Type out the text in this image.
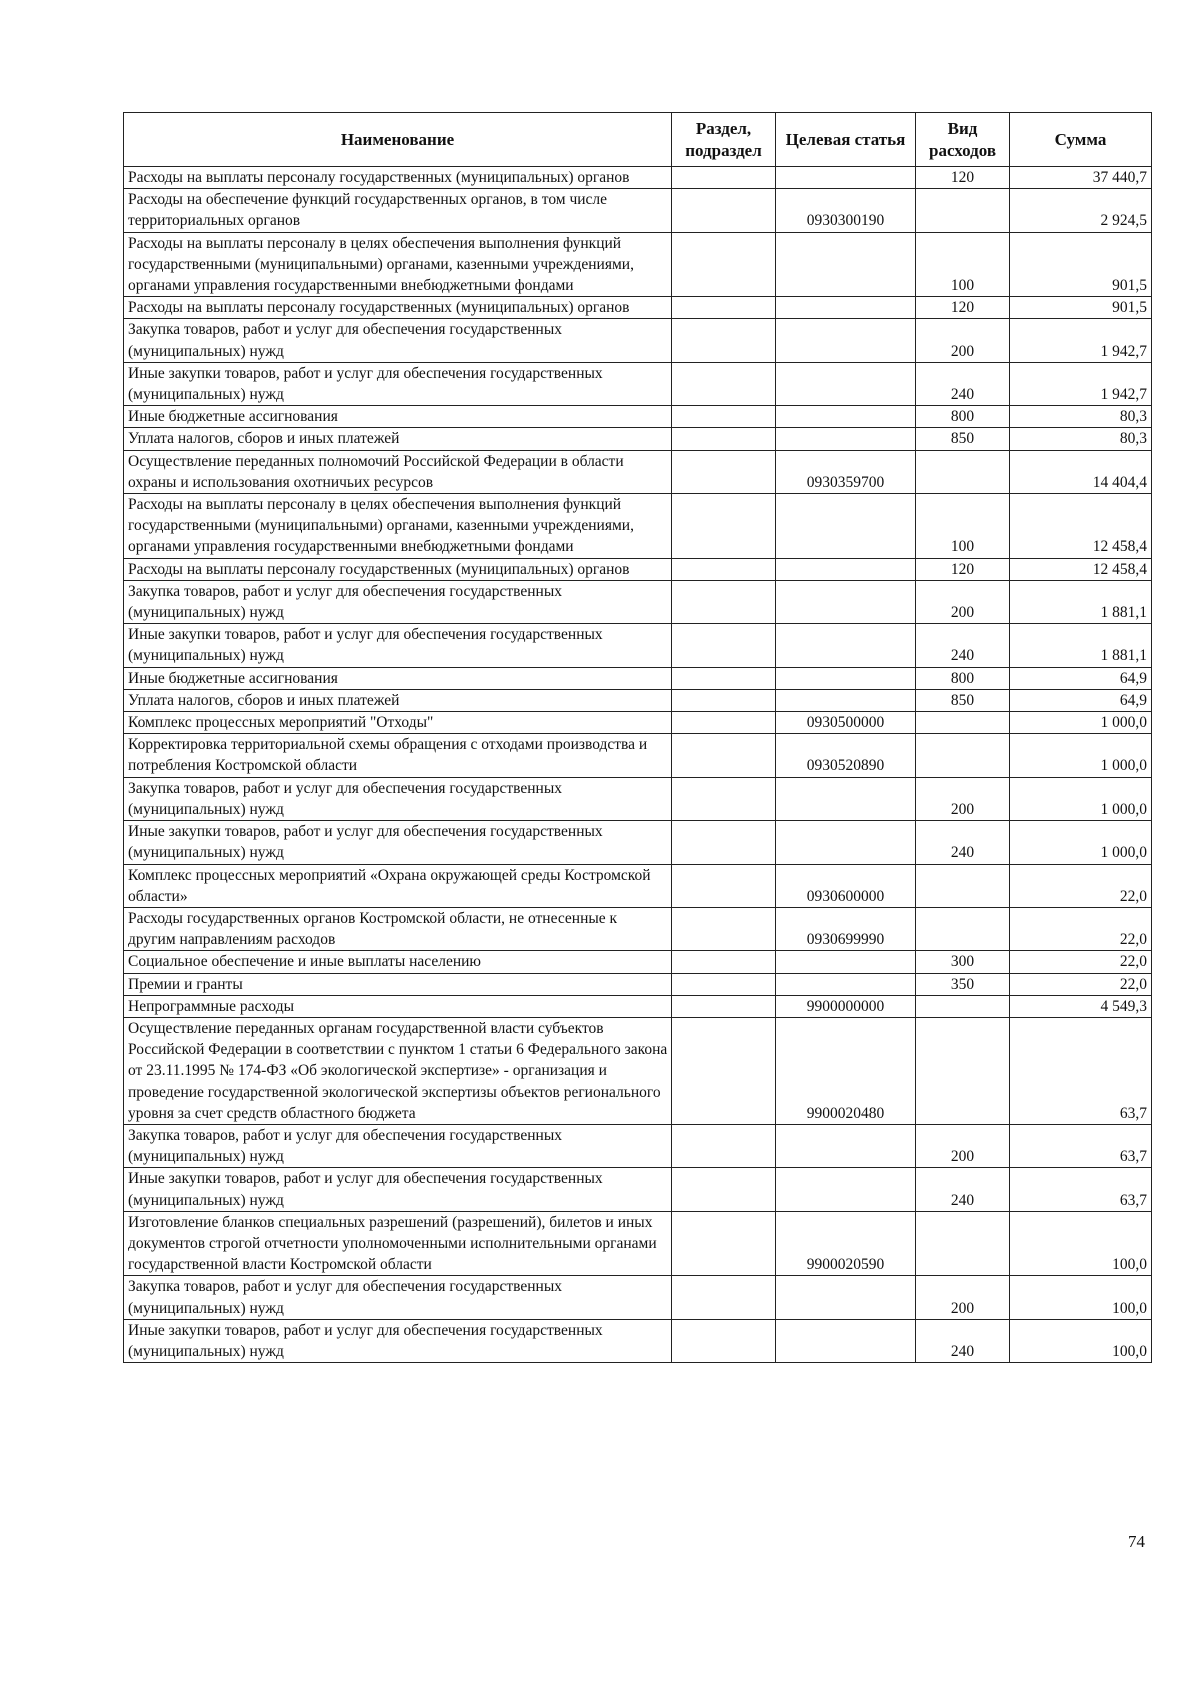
Наименование	Раздел, подраздел	Целевая статья	Вид расходов	Сумма
Расходы на выплаты персоналу государственных (муниципальных) органов			120	37 440,7
Расходы на обеспечение функций государственных органов, в том числе территориальных органов		0930300190		2 924,5
Расходы на выплаты персоналу в целях обеспечения выполнения функций государственными (муниципальными) органами, казенными учреждениями, органами управления государственными внебюджетными фондами			100	901,5
Расходы на выплаты персоналу государственных (муниципальных) органов			120	901,5
Закупка товаров, работ и услуг для обеспечения государственных (муниципальных) нужд			200	1 942,7
Иные закупки товаров, работ и услуг для обеспечения государственных (муниципальных) нужд			240	1 942,7
Иные бюджетные ассигнования			800	80,3
Уплата налогов, сборов и иных платежей			850	80,3
Осуществление переданных полномочий Российской Федерации в области охраны и использования охотничьих ресурсов		0930359700		14 404,4
Расходы на выплаты персоналу в целях обеспечения выполнения функций государственными (муниципальными) органами, казенными учреждениями, органами управления государственными внебюджетными фондами			100	12 458,4
Расходы на выплаты персоналу государственных (муниципальных) органов			120	12 458,4
Закупка товаров, работ и услуг для обеспечения государственных (муниципальных) нужд			200	1 881,1
Иные закупки товаров, работ и услуг для обеспечения государственных (муниципальных) нужд			240	1 881,1
Иные бюджетные ассигнования			800	64,9
Уплата налогов, сборов и иных платежей			850	64,9
Комплекс процессных мероприятий "Отходы"		0930500000		1 000,0
Корректировка территориальной схемы обращения с отходами производства и потребления Костромской области		0930520890		1 000,0
Закупка товаров, работ и услуг для обеспечения государственных (муниципальных) нужд			200	1 000,0
Иные закупки товаров, работ и услуг для обеспечения государственных (муниципальных) нужд			240	1 000,0
Комплекс процессных мероприятий «Охрана окружающей среды Костромской области»		0930600000		22,0
Расходы государственных органов Костромской области, не отнесенные к другим направлениям расходов		0930699990		22,0
Социальное обеспечение и иные выплаты населению			300	22,0
Премии и гранты			350	22,0
Непрограммные расходы		9900000000		4 549,3
Осуществление переданных органам государственной власти субъектов Российской Федерации в соответствии с пунктом 1 статьи 6 Федерального закона от 23.11.1995 № 174-ФЗ «Об экологической экспертизе» - организация и проведение государственной экологической экспертизы объектов регионального уровня за счет средств областного бюджета		9900020480		63,7
Закупка товаров, работ и услуг для обеспечения государственных (муниципальных) нужд			200	63,7
Иные закупки товаров, работ и услуг для обеспечения государственных (муниципальных) нужд			240	63,7
Изготовление бланков специальных разрешений (разрешений), билетов и иных документов строгой отчетности уполномоченными исполнительными органами государственной власти Костромской области		9900020590		100,0
Закупка товаров, работ и услуг для обеспечения государственных (муниципальных) нужд			200	100,0
Иные закупки товаров, работ и услуг для обеспечения государственных (муниципальных) нужд			240	100,0
74
